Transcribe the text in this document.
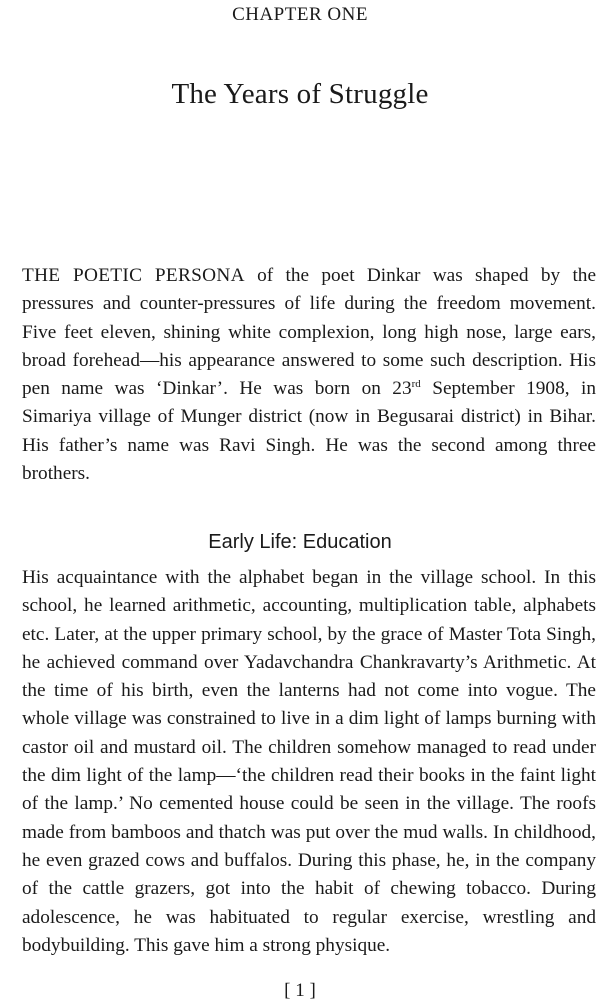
CHAPTER ONE
The Years of Struggle

THE POETIC PERSONA of the poet Dinkar was shaped by the pressures and counter-pressures of life during the freedom movement. Five feet eleven, shining white complexion, long high nose, large ears, broad forehead—his appearance answered to some such description. His pen name was ‘Dinkar’. He was born on 23rd September 1908, in Simariya village of Munger district (now in Begusarai district) in Bihar. His father’s name was Ravi Singh. He was the second among three brothers.

Early Life: Education

His acquaintance with the alphabet began in the village school. In this school, he learned arithmetic, accounting, multiplication table, alphabets etc. Later, at the upper primary school, by the grace of Master Tota Singh, he achieved command over Yadavchandra Chankravarty’s Arithmetic. At the time of his birth, even the lanterns had not come into vogue. The whole village was constrained to live in a dim light of lamps burning with castor oil and mustard oil. The children somehow managed to read under the dim light of the lamp—‘the children read their books in the faint light of the lamp.’ No cemented house could be seen in the village. The roofs made from bamboos and thatch was put over the mud walls. In childhood, he even grazed cows and buffalos. During this phase, he, in the company of the cattle grazers, got into the habit of chewing tobacco. During adolescence, he was habituated to regular exercise, wrestling and bodybuilding. This gave him a strong physique.

[ 1 ]
